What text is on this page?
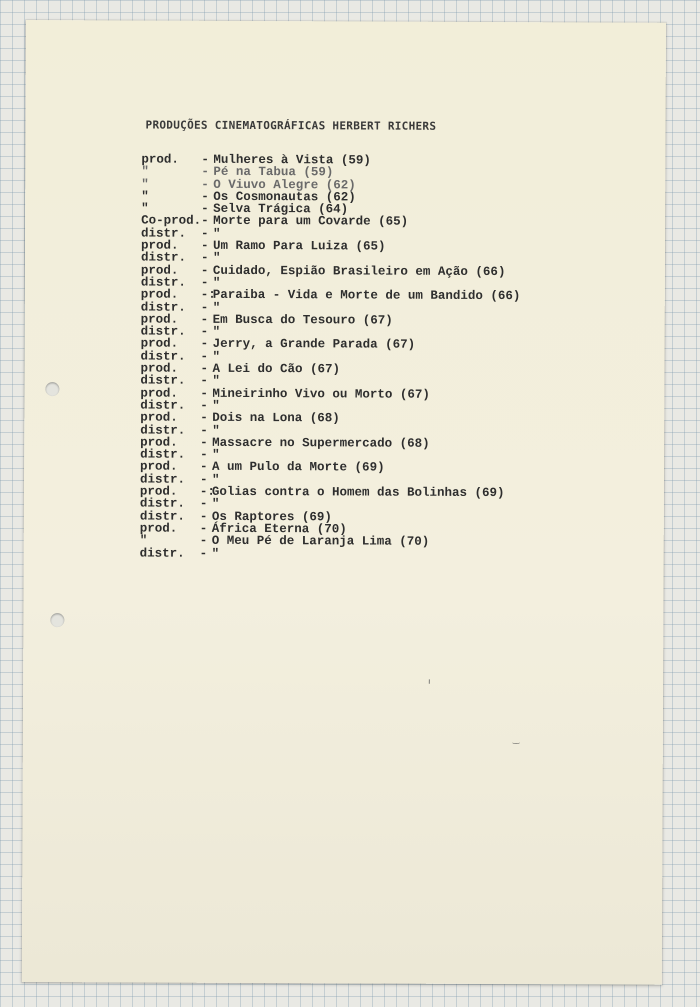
PRODUÇÕES CINEMATOGRÁFICAS HERBERT RICHERS
prod. - Mulheres à Vista (59)
"	- Pé na Tabua (59)
"	- O Viuvo Alegre (62)
"	- Os Cosmonautas (62)
"	- Selva Trágica (64)
Co-prod.- Morte para um Covarde (65)
distr. - "
prod. - Um Ramo Para Luiza (65)
distr. - "
prod. - Cuidado, Espião Brasileiro em Ação (66)
distr. - "
prod. -:Paraiba - Vida e Morte de um Bandido (66)
distr. - "
prod. - Em Busca do Tesouro (67)
distr. - "
prod. - Jerry, a Grande Parada (67)
distr. - "
prod. - A Lei do Cão (67)
distr. - "
prod. - Mineirinho Vivo ou Morto (67)
distr. - "
prod. - Dois na Lona (68)
distr. - "
prod. - Massacre no Supermercado (68)
distr. - "
prod. - A um Pulo da Morte (69)
distr. - "
prod. -:Golias contra o Homem das Bolinhas (69)
distr. - "
distr. - Os Raptores (69)
prod. - África Eterna (70)
"	- O Meu Pé de Laranja Lima (70)
distr. - "
ı
‿
